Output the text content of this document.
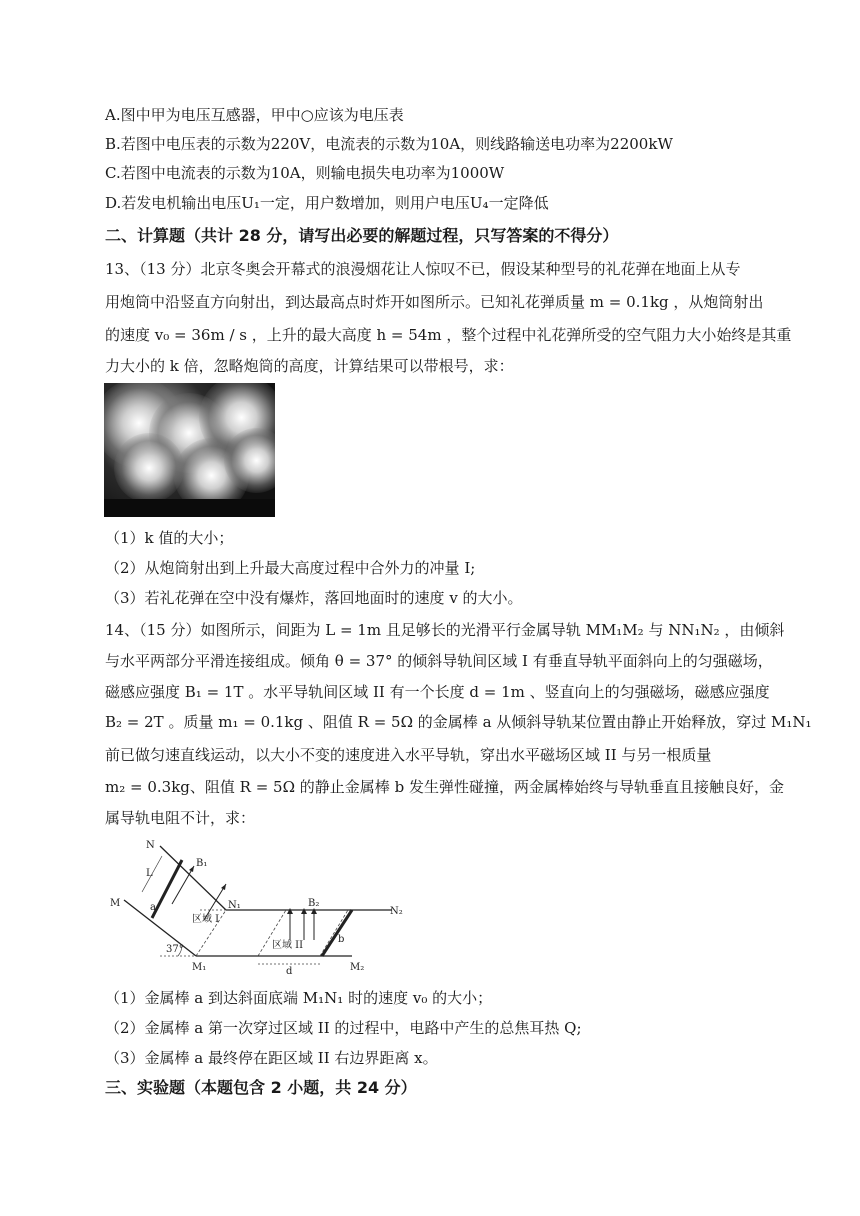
A.图中甲为电压互感器，甲中○应该为电压表
B.若图中电压表的示数为220V，电流表的示数为10A，则线路输送电功率为2200kW
C.若图中电流表的示数为10A，则输电损失电功率为1000W
D.若发电机输出电压U₁一定，用户数增加，则用户电压U₄一定降低
二、计算题（共计 28 分，请写出必要的解题过程，只写答案的不得分）
13、（13 分）北京冬奥会开幕式的浪漫烟花让人惊叹不已，假设某种型号的礼花弹在地面上从专
用炮筒中沿竖直方向射出，到达最高点时炸开如图所示。已知礼花弹质量 m = 0.1kg ，从炮筒射出
的速度 v₀ = 36m / s ，上升的最大高度 h = 54m ，整个过程中礼花弹所受的空气阻力大小始终是其重
力大小的 k 倍，忽略炮筒的高度，计算结果可以带根号，求：
（1）k 值的大小；
（2）从炮筒射出到上升最大高度过程中合外力的冲量 I;
（3）若礼花弹在空中没有爆炸，落回地面时的速度 v 的大小。
14、（15 分）如图所示，间距为 L = 1m 且足够长的光滑平行金属导轨 MM₁M₂ 与 NN₁N₂ ，由倾斜
与水平两部分平滑连接组成。倾角 θ = 37° 的倾斜导轨间区域 I 有垂直导轨平面斜向上的匀强磁场，
磁感应强度 B₁ = 1T 。水平导轨间区域 II 有一个长度 d = 1m 、竖直向上的匀强磁场，磁感应强度
B₂ = 2T 。质量 m₁ = 0.1kg 、阻值 R = 5Ω 的金属棒 a 从倾斜导轨某位置由静止开始释放，穿过 M₁N₁
前已做匀速直线运动，以大小不变的速度进入水平导轨，穿出水平磁场区域 II 与另一根质量
m₂ = 0.3kg、阻值 R = 5Ω 的静止金属棒 b 发生弹性碰撞，两金属棒始终与导轨垂直且接触良好，金
属导轨电阻不计，求：
N
M	N₁
N₂
M₁	M₂
L
a
b
B₁
B₂
区域 I
区域 II
37°
d
（1）金属棒 a 到达斜面底端 M₁N₁ 时的速度 v₀ 的大小；
（2）金属棒 a 第一次穿过区域 II 的过程中，电路中产生的总焦耳热 Q;
（3）金属棒 a 最终停在距区域 II 右边界距离 x。
三、实验题（本题包含 2 小题，共 24 分）
